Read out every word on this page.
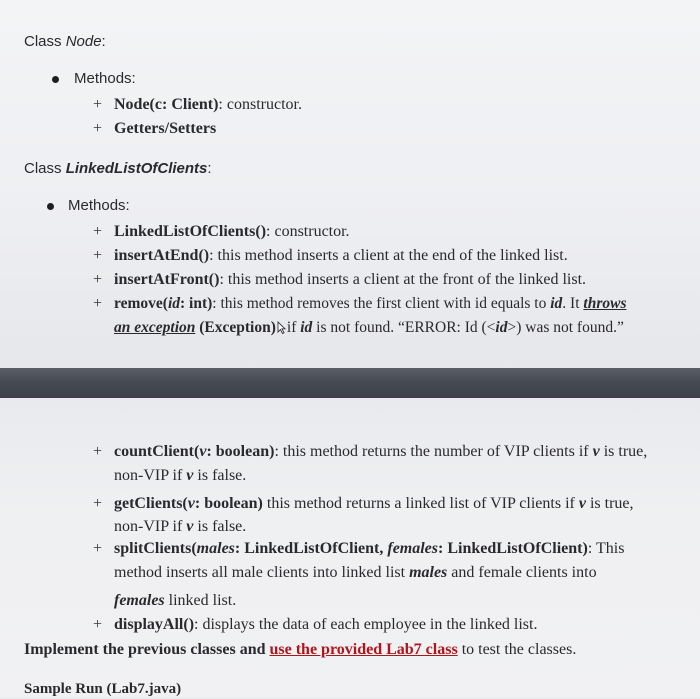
Class Node:
Methods:
+ Node(c: Client): constructor.
+ Getters/Setters
Class LinkedListOfClients:
Methods:
+ LinkedListOfClients(): constructor.
+ insertAtEnd(): this method inserts a client at the end of the linked list.
+ insertAtFront(): this method inserts a client at the front of the linked list.
+ remove(id: int): this method removes the first client with id equals to id. It throws
an exception (Exception) if id is not found. “ERROR: Id (<id>) was not found.”
+ countClient(v: boolean): this method returns the number of VIP clients if v is true,
non-VIP if v is false.
+ getClients(v: boolean) this method returns a linked list of VIP clients if v is true,
non-VIP if v is false.
+ splitClients(males: LinkedListOfClient, females: LinkedListOfClient): This
method inserts all male clients into linked list males and female clients into
females linked list.
+ displayAll(): displays the data of each employee in the linked list.
Implement the previous classes and use the provided Lab7 class to test the classes.
Sample Run (Lab7.java)
